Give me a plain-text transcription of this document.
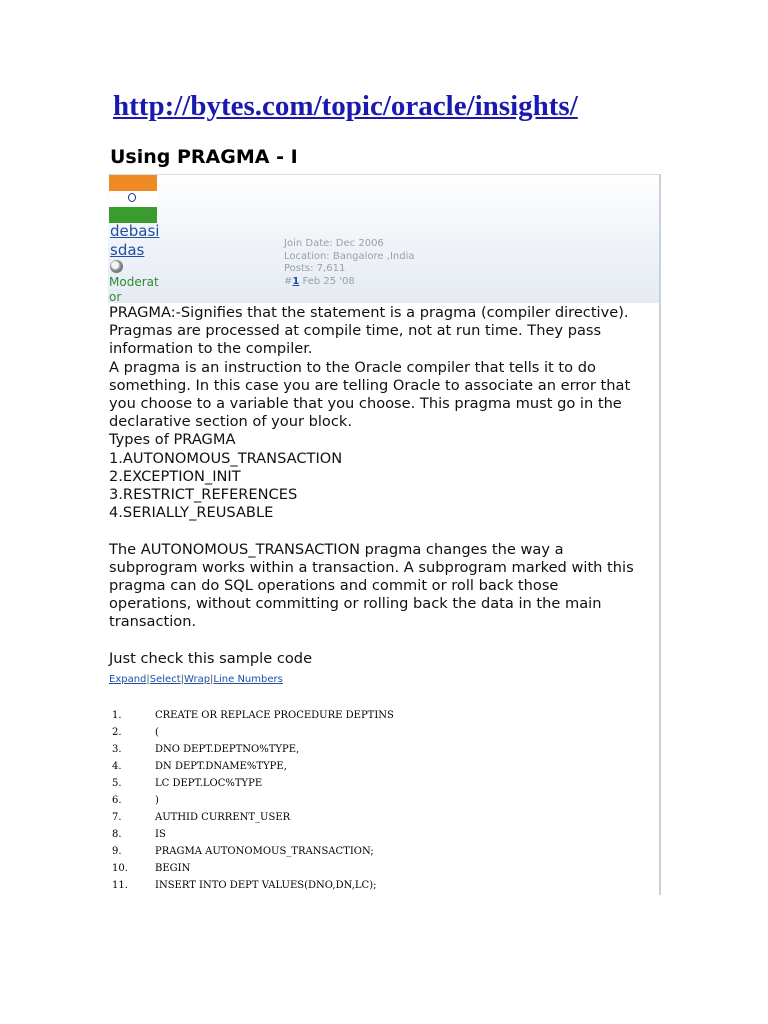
http://bytes.com/topic/oracle/insights/
Using PRAGMA - I
debasi
sdas
Moderat
or
Join Date: Dec 2006
Location: Bangalore ,India
Posts: 7,611
#1 Feb 25 '08

PRAGMA:-Signifies that the statement is a pragma (compiler directive).

Pragmas are processed at compile time, not at run time. They pass

information to the compiler.

A pragma is an instruction to the Oracle compiler that tells it to do

something. In this case you are telling Oracle to associate an error that

you choose to a variable that you choose. This pragma must go in the

declarative section of your block.

Types of PRAGMA

1.AUTONOMOUS_TRANSACTION

2.EXCEPTION_INIT

3.RESTRICT_REFERENCES

4.SERIALLY_REUSABLE

The AUTONOMOUS_TRANSACTION pragma changes the way a

subprogram works within a transaction. A subprogram marked with this

pragma can do SQL operations and commit or roll back those

operations, without committing or rolling back the data in the main

transaction.

Just check this sample code

Expand|Select|Wrap|Line Numbers
1.	CREATE OR REPLACE PROCEDURE DEPTINS
2.	(
3.	DNO DEPT.DEPTNO%TYPE,
4.	DN DEPT.DNAME%TYPE,
5.	LC DEPT.LOC%TYPE
6.	)
7.	AUTHID CURRENT_USER
8.	IS
9.	PRAGMA AUTONOMOUS_TRANSACTION;
10.	BEGIN
11.	INSERT INTO DEPT VALUES(DNO,DN,LC);
